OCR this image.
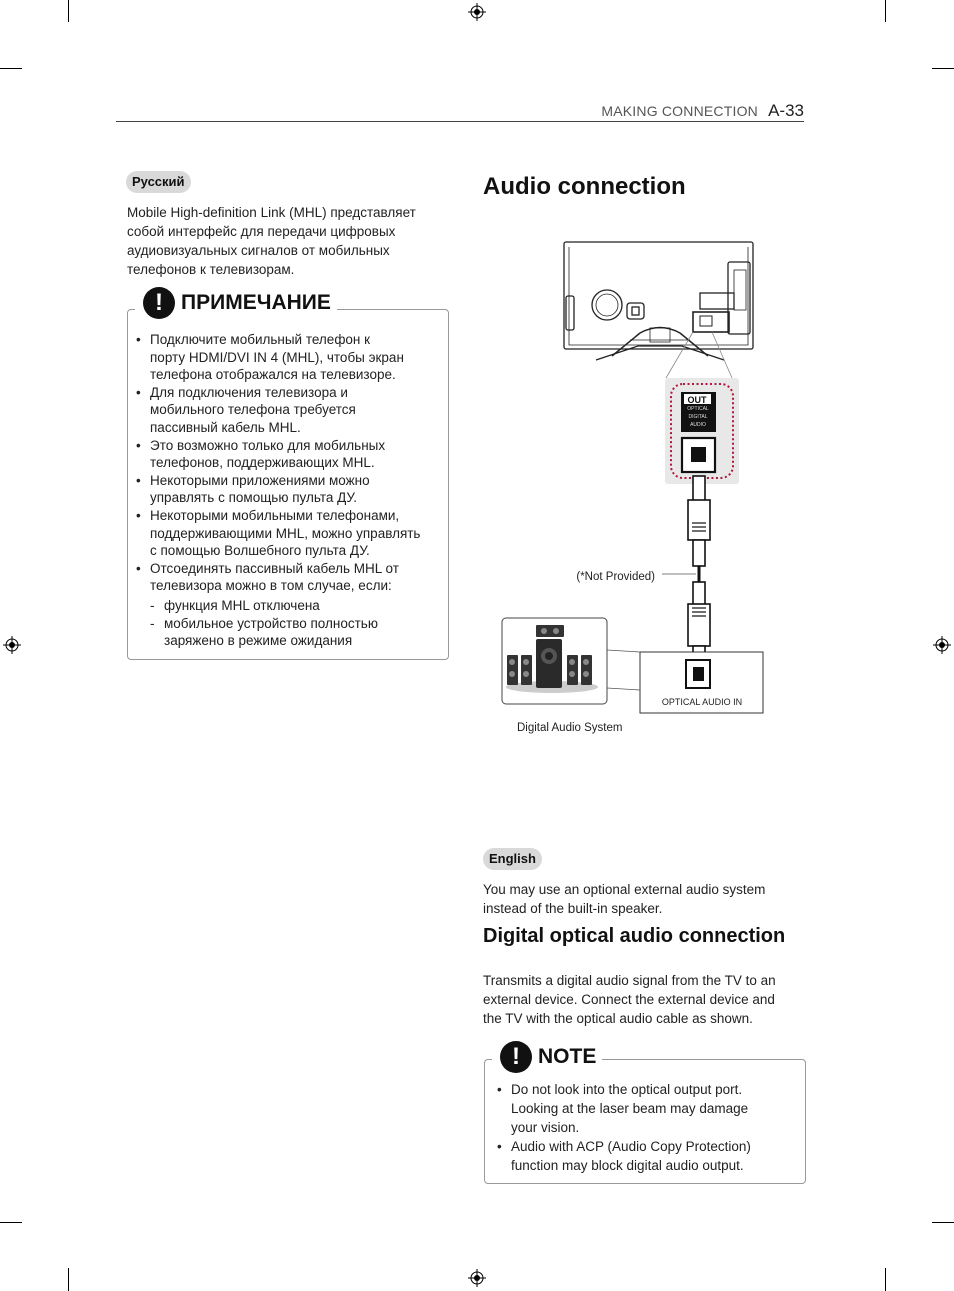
MAKING CONNECTION A-33
Русский

Mobile High-definition Link (MHL) представляет
собой интерфейс для передачи цифровых
аудиовизуальных сигналов от мобильных
телефонов к телевизорам.

! ПРИМЕЧАНИЕ
• Подключите мобильный телефон к
порту HDMI/DVI IN 4 (MHL), чтобы экран
телефона отображался на телевизоре.
• Для подключения телевизора и
мобильного телефона требуется
пассивный кабель MHL.
• Это возможно только для мобильных
телефонов, поддерживающих MHL.
• Некоторыми приложениями можно
управлять с помощью пульта ДУ.
• Некоторыми мобильными телефонами,
поддерживающими MHL, можно управлять
с помощью Волшебного пульта ДУ.
• Отсоединять пассивный кабель MHL от
телевизора можно в том случае, если:
- функция MHL отключена
- мобильное устройство полностью
заряжено в режиме ожидания
Audio connection
OUT
OPTICAL
DIGITAL
AUDIO
(*Not Provided)
OPTICAL AUDIO IN
Digital Audio System
English

You may use an optional external audio system
instead of the built-in speaker.

Digital optical audio connection

Transmits a digital audio signal from the TV to an
external device. Connect the external device and
the TV with the optical audio cable as shown.

! NOTE
• Do not look into the optical output port.
Looking at the laser beam may damage
your vision.
• Audio with ACP (Audio Copy Protection)
function may block digital audio output.
